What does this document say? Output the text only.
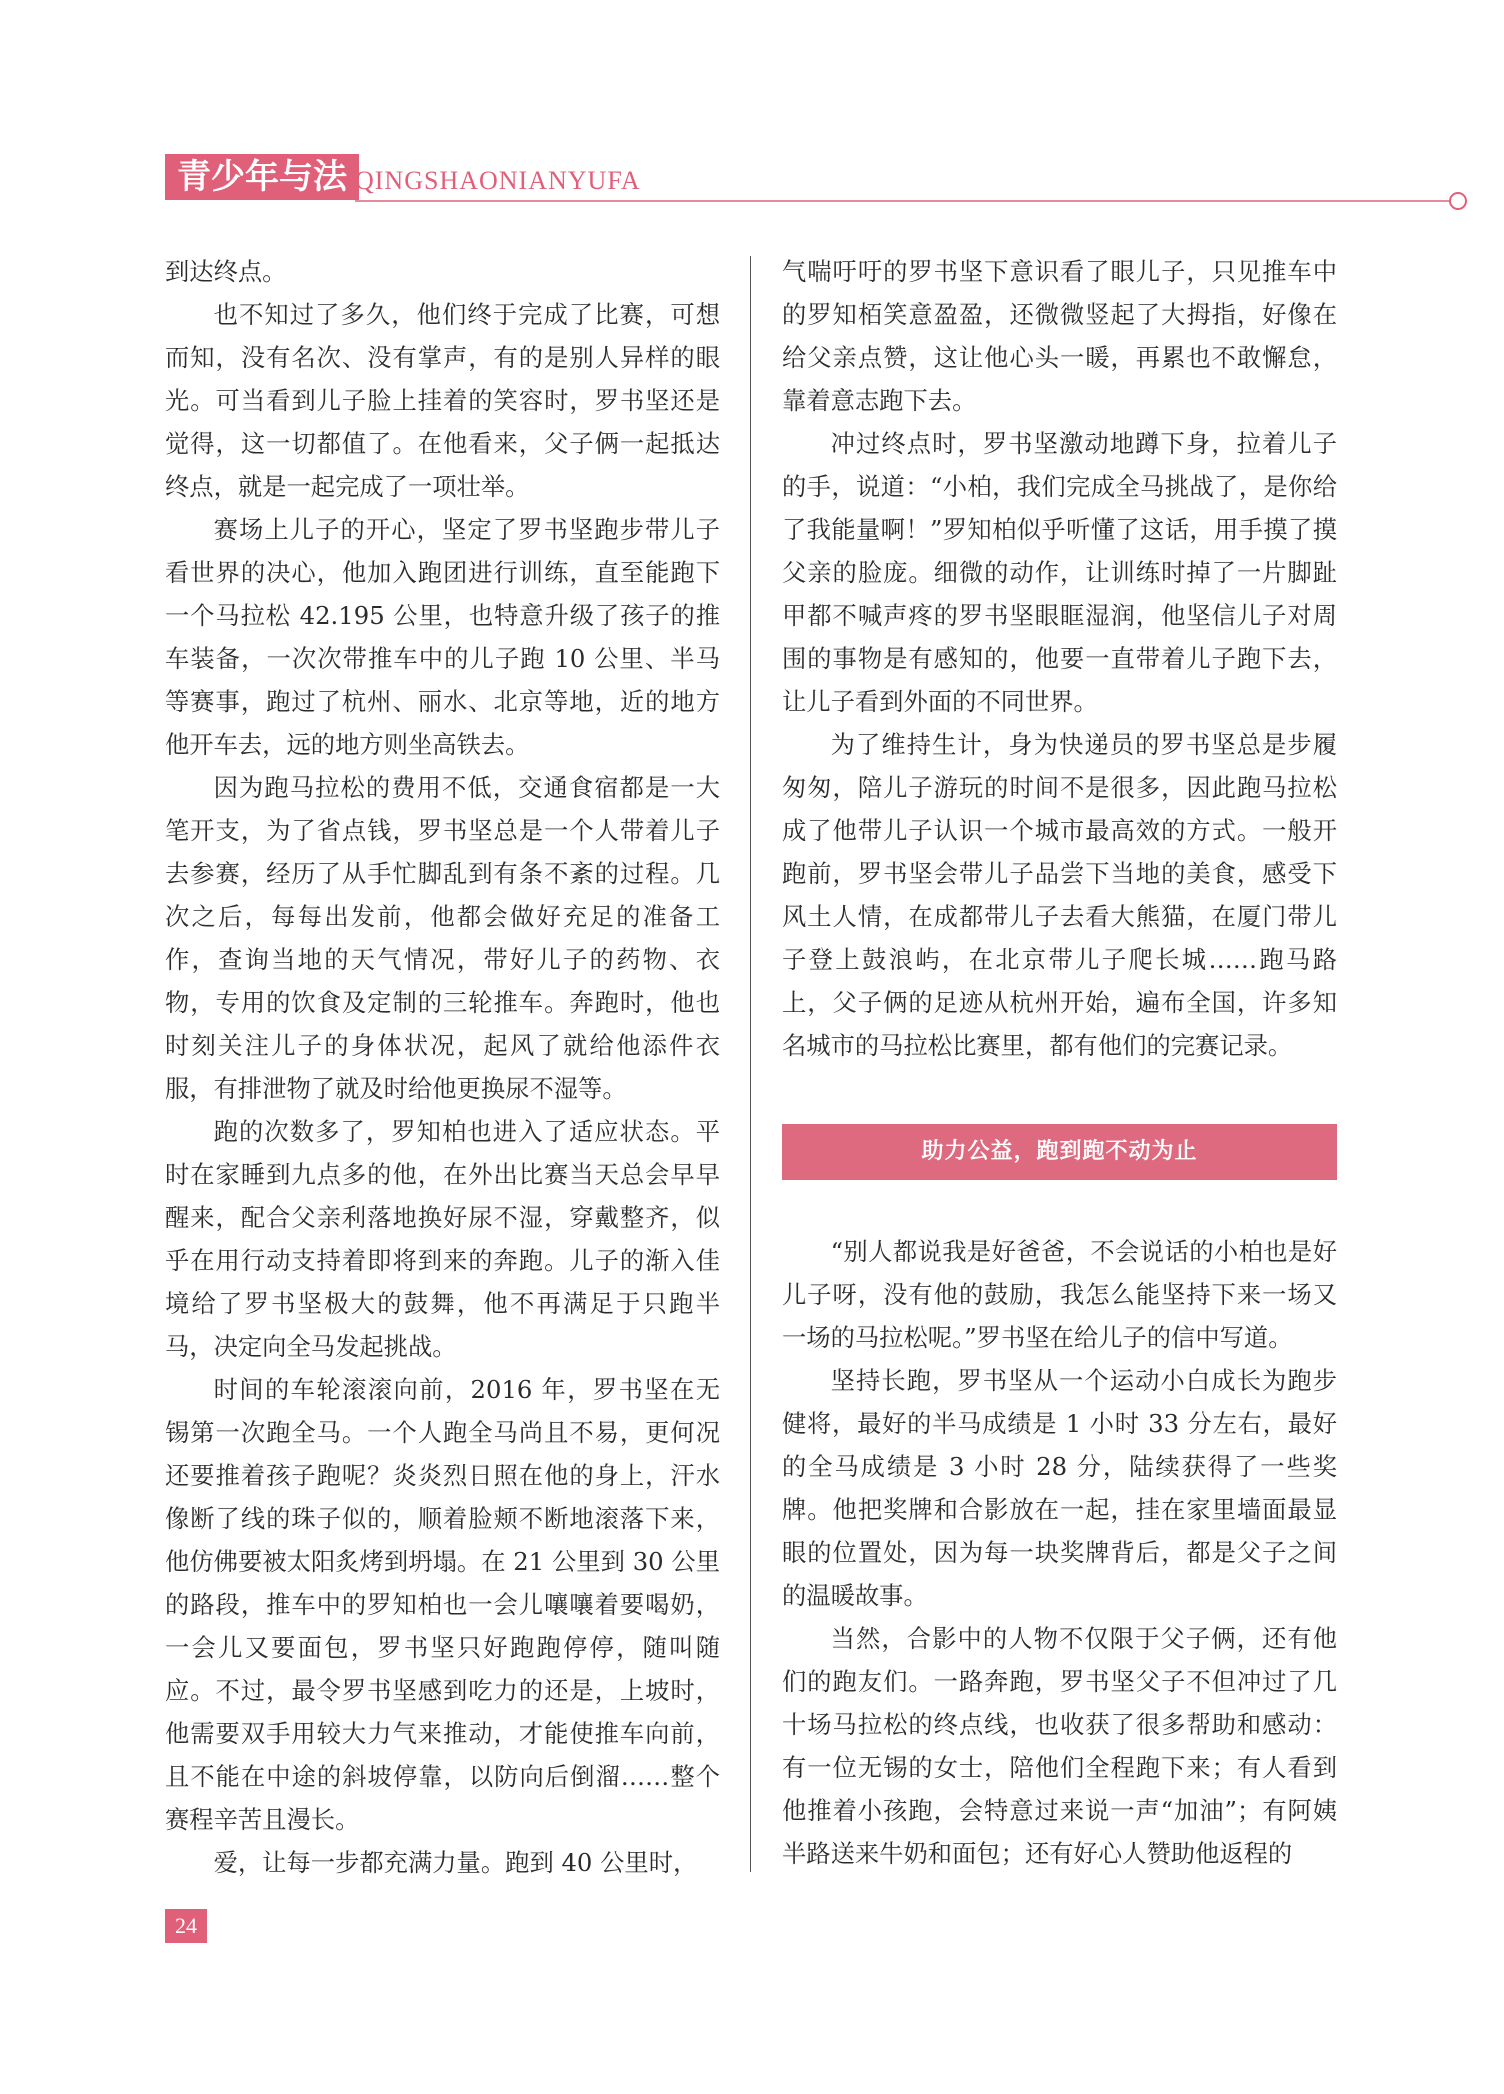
青少年与法 QINGSHAONIANYUFA

到达终点。

也不知过了多久，他们终于完成了比赛，可想而知，没有名次、没有掌声，有的是别人异样的眼光。可当看到儿子脸上挂着的笑容时，罗书坚还是觉得，这一切都值了。在他看来，父子俩一起抵达终点，就是一起完成了一项壮举。

赛场上儿子的开心，坚定了罗书坚跑步带儿子看世界的决心，他加入跑团进行训练，直至能跑下一个马拉松 42.195 公里，也特意升级了孩子的推车装备，一次次带推车中的儿子跑 10 公里、半马等赛事，跑过了杭州、丽水、北京等地，近的地方他开车去，远的地方则坐高铁去。

因为跑马拉松的费用不低，交通食宿都是一大笔开支，为了省点钱，罗书坚总是一个人带着儿子去参赛，经历了从手忙脚乱到有条不紊的过程。几次之后，每每出发前，他都会做好充足的准备工作，查询当地的天气情况，带好儿子的药物、衣物，专用的饮食及定制的三轮推车。奔跑时，他也时刻关注儿子的身体状况，起风了就给他添件衣服，有排泄物了就及时给他更换尿不湿等。

跑的次数多了，罗知柏也进入了适应状态。平时在家睡到九点多的他，在外出比赛当天总会早早醒来，配合父亲利落地换好尿不湿，穿戴整齐，似乎在用行动支持着即将到来的奔跑。儿子的渐入佳境给了罗书坚极大的鼓舞，他不再满足于只跑半马，决定向全马发起挑战。

时间的车轮滚滚向前，2016 年，罗书坚在无锡第一次跑全马。一个人跑全马尚且不易，更何况还要推着孩子跑呢？炎炎烈日照在他的身上，汗水像断了线的珠子似的，顺着脸颊不断地滚落下来，他仿佛要被太阳炙烤到坍塌。在 21 公里到 30 公里的路段，推车中的罗知柏也一会儿嚷嚷着要喝奶，一会儿又要面包，罗书坚只好跑跑停停，随叫随应。不过，最令罗书坚感到吃力的还是，上坡时，他需要双手用较大力气来推动，才能使推车向前，且不能在中途的斜坡停靠，以防向后倒溜……整个赛程辛苦且漫长。

爱，让每一步都充满力量。跑到 40 公里时，

气喘吁吁的罗书坚下意识看了眼儿子，只见推车中的罗知栢笑意盈盈，还微微竖起了大拇指，好像在给父亲点赞，这让他心头一暖，再累也不敢懈怠，靠着意志跑下去。

冲过终点时，罗书坚激动地蹲下身，拉着儿子的手，说道：“小柏，我们完成全马挑战了，是你给了我能量啊！”罗知柏似乎听懂了这话，用手摸了摸父亲的脸庞。细微的动作，让训练时掉了一片脚趾甲都不喊声疼的罗书坚眼眶湿润，他坚信儿子对周围的事物是有感知的，他要一直带着儿子跑下去，让儿子看到外面的不同世界。

为了维持生计，身为快递员的罗书坚总是步履匆匆，陪儿子游玩的时间不是很多，因此跑马拉松成了他带儿子认识一个城市最高效的方式。一般开跑前，罗书坚会带儿子品尝下当地的美食，感受下风土人情，在成都带儿子去看大熊猫，在厦门带儿子登上鼓浪屿，在北京带儿子爬长城……跑马路上，父子俩的足迹从杭州开始，遍布全国，许多知名城市的马拉松比赛里，都有他们的完赛记录。

助力公益，跑到跑不动为止

“别人都说我是好爸爸，不会说话的小柏也是好儿子呀，没有他的鼓励，我怎么能坚持下来一场又一场的马拉松呢。”罗书坚在给儿子的信中写道。

坚持长跑，罗书坚从一个运动小白成长为跑步健将，最好的半马成绩是 1 小时 33 分左右，最好的全马成绩是 3 小时 28 分，陆续获得了一些奖牌。他把奖牌和合影放在一起，挂在家里墙面最显眼的位置处，因为每一块奖牌背后，都是父子之间的温暖故事。

当然，合影中的人物不仅限于父子俩，还有他们的跑友们。一路奔跑，罗书坚父子不但冲过了几十场马拉松的终点线，也收获了很多帮助和感动：有一位无锡的女士，陪他们全程跑下来；有人看到他推着小孩跑，会特意过来说一声“加油”；有阿姨半路送来牛奶和面包；还有好心人赞助他返程的

24
